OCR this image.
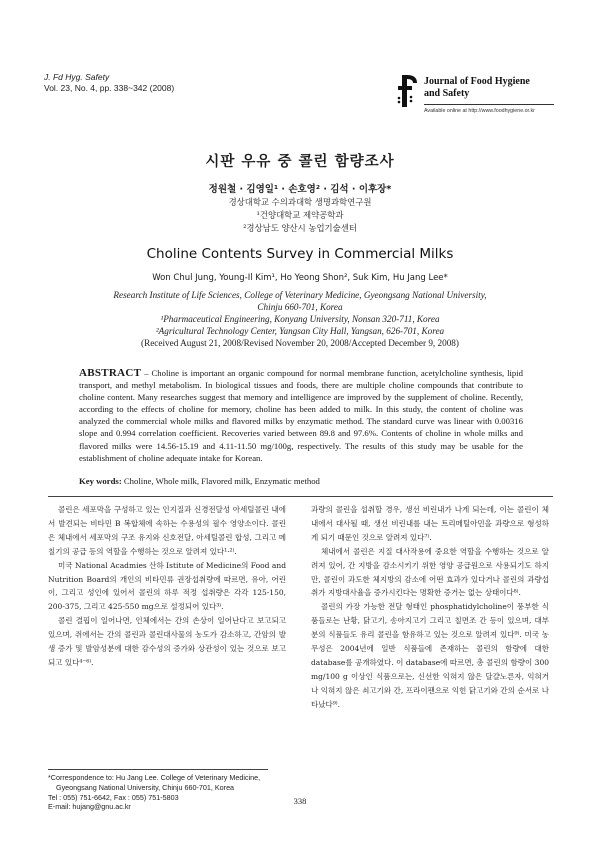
J. Fd Hyg. Safety
Vol. 23, No. 4, pp. 338~342 (2008)
Journal of Food Hygiene
and Safety
Available online at http://www.foodhygiene.or.kr
시판 우유 중 콜린 함량조사
정원철 · 김영일¹ · 손호영² · 김석 · 이후장*
경상대학교 수의과대학 생명과학연구원
¹건양대학교 제약공학과
²경상남도 양산시 농업기술센터
Choline Contents Survey in Commercial Milks
Won Chul Jung, Young-Il Kim¹, Ho Yeong Shon², Suk Kim, Hu Jang Lee*
Research Institute of Life Sciences, College of Veterinary Medicine, Gyeongsang National University,
Chinju 660-701, Korea
¹Pharmaceutical Engineering, Konyang University, Nonsan 320-711, Korea
²Agricultural Technology Center, Yangsan City Hall, Yangsan, 626-701, Korea
(Received August 21, 2008/Revised November 20, 2008/Accepted December 9, 2008)
ABSTRACT – Choline is important an organic compound for normal membrane function, acetylcholine synthesis, lipid transport, and methyl metabolism. In biological tissues and foods, there are multiple choline compounds that contribute to choline content. Many researches suggest that memory and intelligence are improved by the supplement of choline. Recently, according to the effects of choline for memory, choline has been added to milk. In this study, the content of choline was analyzed the commercial whole milks and flavored milks by enzymatic method. The standard curve was linear with 0.00316 slope and 0.994 correlation coefficient. Recoveries varied between 89.8 and 97.6%. Contents of choline in whole milks and flavored milks were 14.56-15.19 and 4.11-11.50 mg/100g, respectively. The results of this study may be usable for the establishment of choline adequate intake for Korean.
Key words: Choline, Whole milk, Flavored milk, Enzymatic method

콜린은 세포막을 구성하고 있는 인지질과 신경전달성 아세틸콜린 내에서 발견되는 비타민 B 복합체에 속하는 수용성의 필수 영양소이다. 콜린은 체내에서 세포막의 구조 유지와 신호전달, 아세틸콜린 합성, 그리고 메칠기의 공급 등의 역할을 수행하는 것으로 알려져 있다¹·²⁾.

미국 National Acadmies 산하 Istitute of Medicine의 Food and Nutrition Board의 개인의 비타민류 권장섭취량에 따르면, 유아, 어린이, 그리고 성인에 있어서 콜린의 하루 적정 섭취량은 각각 125-150, 200-375, 그리고 425-550 mg으로 설정되어 있다³⁾.

콜린 결핍이 일어나면, 인체에서는 간의 손상이 일어난다고 보고되고 있으며, 쥐에서는 간의 콜린과 콜린대사물의 농도가 감소하고, 간암의 발생 증가 및 발암성분에 대한 감수성의 증가와 상관성이 있는 것으로 보고되고 있다⁴⁻⁶⁾.

과량의 콜린을 섭취할 경우, 생선 비린내가 나게 되는데, 이는 콜린이 체내에서 대사될 때, 생선 비린내를 내는 트리메틸아민을 과량으로 형성하게 되기 때문인 것으로 알려져 있다⁷⁾.

체내에서 콜린은 지질 대사작용에 중요한 역할을 수행하는 것으로 알려져 있어, 간 지방을 감소시키기 위한 영양 공급원으로 사용되기도 하지만, 콜린이 과도한 체지방의 감소에 어떤 효과가 있다거나 콜린의 과량섭취가 지방대사율을 증가시킨다는 명확한 증거는 없는 상태이다⁸⁾.

콜린의 가장 가능한 전달 형태인 phosphatidylcholine이 풍부한 식품들로는 난황, 닭고기, 송아지고기 그리고 칠면조 간 등이 있으며, 대부분의 식품들도 유리 콜린을 함유하고 있는 것으로 알려져 있다⁹⁾. 미국 농무성은 2004년에 일반 식품들에 존재하는 콜린의 함량에 대한 database를 공개하였다. 이 database에 따르면, 총 콜린의 함량이 300 mg/100 g 이상인 식품으로는, 신선한 익혀지 않은 달걀노른자, 익혀거나 익혀지 않은 쇠고기와 간, 프라이팬으로 익힌 닭고기와 간의 순서로 나타났다⁹⁾.

*Correspondence to: Hu Jang Lee. College of Veterinary Medicine,
Gyeongsang National University, Chinju 660-701, Korea
Tel : 055) 751-6642, Fax : 055) 751-5803
E-mail: hujang@gnu.ac.kr
338
